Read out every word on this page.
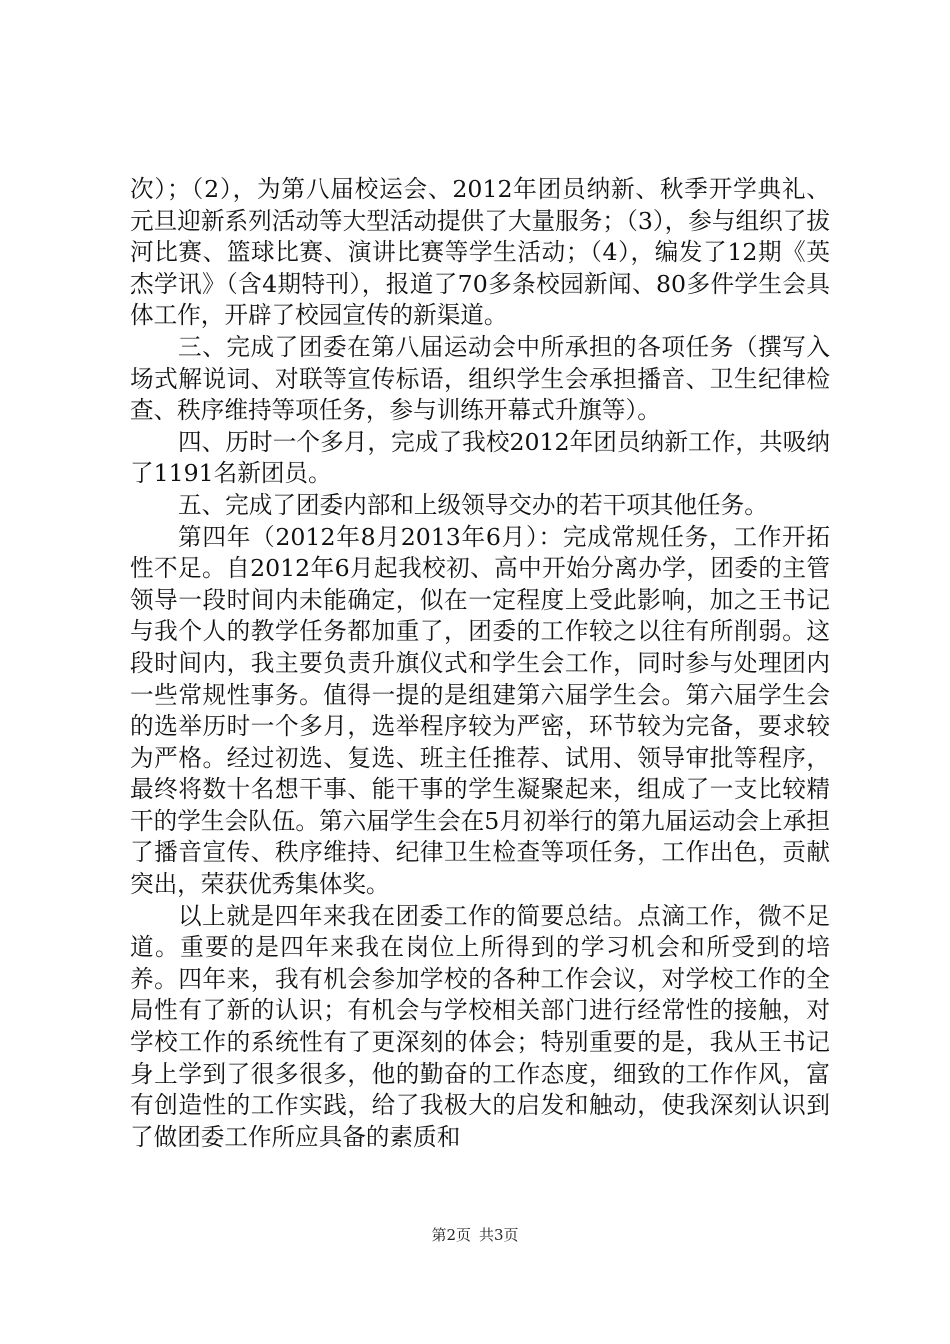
次）；（2），为第八届校运会、2012年团员纳新、秋季开学典礼、元旦迎新系列活动等大型活动提供了大量服务；（3），参与组织了拔河比赛、篮球比赛、演讲比赛等学生活动；（4），编发了12期《英杰学讯》（含4期特刊），报道了70多条校园新闻、80多件学生会具体工作，开辟了校园宣传的新渠道。

三、完成了团委在第八届运动会中所承担的各项任务（撰写入场式解说词、对联等宣传标语，组织学生会承担播音、卫生纪律检查、秩序维持等项任务，参与训练开幕式升旗等）。

四、历时一个多月，完成了我校2012年团员纳新工作，共吸纳了1191名新团员。

五、完成了团委内部和上级领导交办的若干项其他任务。

第四年（2012年8月2013年6月）：完成常规任务，工作开拓性不足。自2012年6月起我校初、高中开始分离办学，团委的主管领导一段时间内未能确定，似在一定程度上受此影响，加之王书记与我个人的教学任务都加重了，团委的工作较之以往有所削弱。这段时间内，我主要负责升旗仪式和学生会工作，同时参与处理团内一些常规性事务。值得一提的是组建第六届学生会。第六届学生会的选举历时一个多月，选举程序较为严密，环节较为完备，要求较为严格。经过初选、复选、班主任推荐、试用、领导审批等程序，最终将数十名想干事、能干事的学生凝聚起来，组成了一支比较精干的学生会队伍。第六届学生会在5月初举行的第九届运动会上承担了播音宣传、秩序维持、纪律卫生检查等项任务，工作出色，贡献突出，荣获优秀集体奖。

以上就是四年来我在团委工作的简要总结。点滴工作，微不足道。重要的是四年来我在岗位上所得到的学习机会和所受到的培养。四年来，我有机会参加学校的各种工作会议，对学校工作的全局性有了新的认识；有机会与学校相关部门进行经常性的接触，对学校工作的系统性有了更深刻的体会；特别重要的是，我从王书记身上学到了很多很多，他的勤奋的工作态度，细致的工作作风，富有创造性的工作实践，给了我极大的启发和触动，使我深刻认识到了做团委工作所应具备的素质和

第2页 共3页
